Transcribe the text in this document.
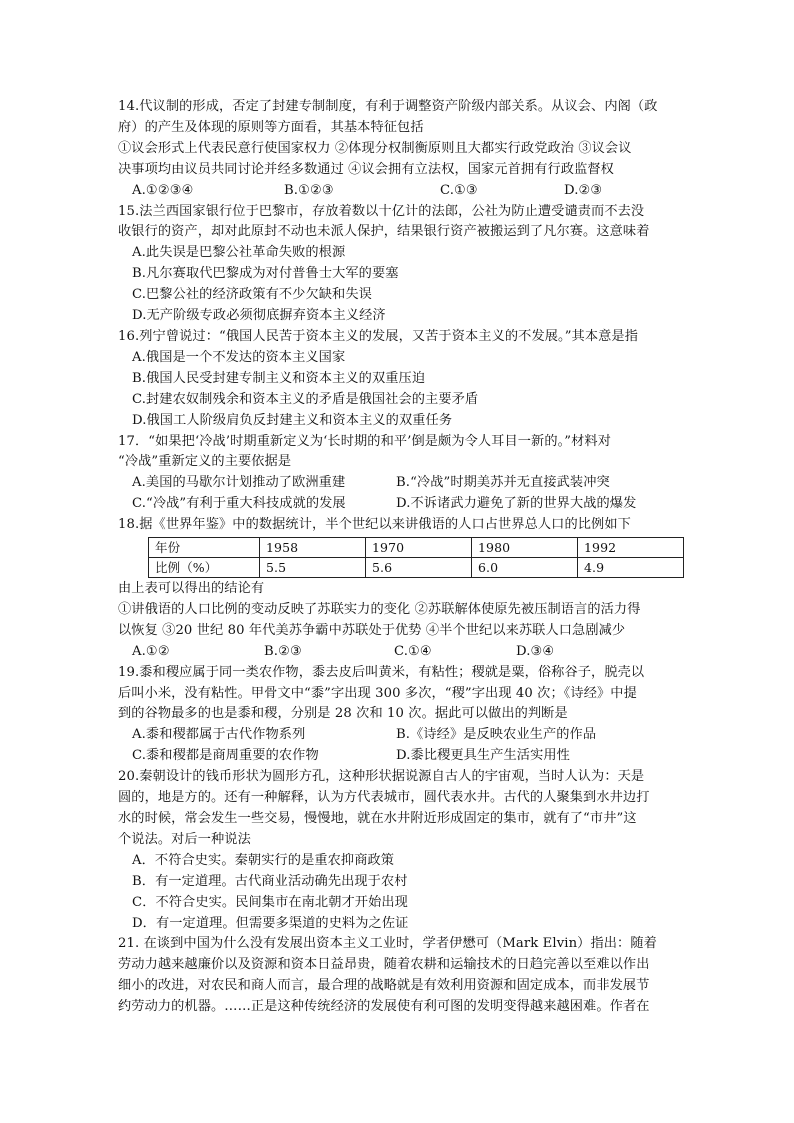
14.代议制的形成，否定了封建专制制度，有利于调整资产阶级内部关系。从议会、内阁（政

府）的产生及体现的原则等方面看，其基本特征包括

①议会形式上代表民意行使国家权力 ②体现分权制衡原则且大都实行政党政治 ③议会议

决事项均由议员共同讨论并经多数通过 ④议会拥有立法权，国家元首拥有行政监督权

A.①②③④	B.①②③	C.①③	D.②③

15.法兰西国家银行位于巴黎市，存放着数以十亿计的法郎，公社为防止遭受谴责而不去没

收银行的资产，却对此原封不动也未派人保护，结果银行资产被搬运到了凡尔赛。这意味着

A.此失误是巴黎公社革命失败的根源

B.凡尔赛取代巴黎成为对付普鲁士大军的要塞

C.巴黎公社的经济政策有不少欠缺和失误

D.无产阶级专政必须彻底摒弃资本主义经济

16.列宁曾说过：“俄国人民苦于资本主义的发展，又苦于资本主义的不发展。”其本意是指

A.俄国是一个不发达的资本主义国家

B.俄国人民受封建专制主义和资本主义的双重压迫

C.封建农奴制残余和资本主义的矛盾是俄国社会的主要矛盾

D.俄国工人阶级肩负反封建主义和资本主义的双重任务

17．“如果把‘冷战’时期重新定义为‘长时期的和平’倒是颇为令人耳目一新的。”材料对

“冷战”重新定义的主要依据是

A.美国的马歇尔计划推动了欧洲重建	B.“冷战”时期美苏并无直接武装冲突
C.“冷战”有利于重大科技成就的发展	D.不诉诸武力避免了新的世界大战的爆发

18.据《世界年鉴》中的数据统计，半个世纪以来讲俄语的人口占世界总人口的比例如下

年份	1958	1970	1980	1992
比例（%）	5.5	5.6	6.0	4.9

由上表可以得出的结论有

①讲俄语的人口比例的变动反映了苏联实力的变化 ②苏联解体使原先被压制语言的活力得

以恢复 ③20 世纪 80 年代美苏争霸中苏联处于优势 ④半个世纪以来苏联人口急剧减少

A.①②	B.②③	C.①④	D.③④

19.黍和稷应属于同一类农作物，黍去皮后叫黄米，有粘性；稷就是粟，俗称谷子，脱壳以

后叫小米，没有粘性。甲骨文中“黍”字出现 300 多次，“稷”字出现 40 次；《诗经》中提

到的谷物最多的也是黍和稷，分别是 28 次和 10 次。据此可以做出的判断是

A.黍和稷都属于古代作物系列	B.《诗经》是反映农业生产的作品
C.黍和稷都是商周重要的农作物	D.黍比稷更具生产生活实用性

20.秦朝设计的钱币形状为圆形方孔，这种形状据说源自古人的宇宙观，当时人认为：天是

圆的，地是方的。还有一种解释，认为方代表城市，圆代表水井。古代的人聚集到水井边打

水的时候，常会发生一些交易，慢慢地，就在水井附近形成固定的集市，就有了“市井”这

个说法。对后一种说法

A．不符合史实。秦朝实行的是重农抑商政策

B．有一定道理。古代商业活动确先出现于农村

C．不符合史实。民间集市在南北朝才开始出现

D．有一定道理。但需要多渠道的史料为之佐证

21. 在谈到中国为什么没有发展出资本主义工业时，学者伊懋可（Mark Elvin）指出：随着

劳动力越来越廉价以及资源和资本日益昂贵，随着农耕和运输技术的日趋完善以至难以作出

细小的改进，对农民和商人而言，最合理的战略就是有效利用资源和固定成本，而非发展节

约劳动力的机器。……正是这种传统经济的发展使有利可图的发明变得越来越困难。作者在
